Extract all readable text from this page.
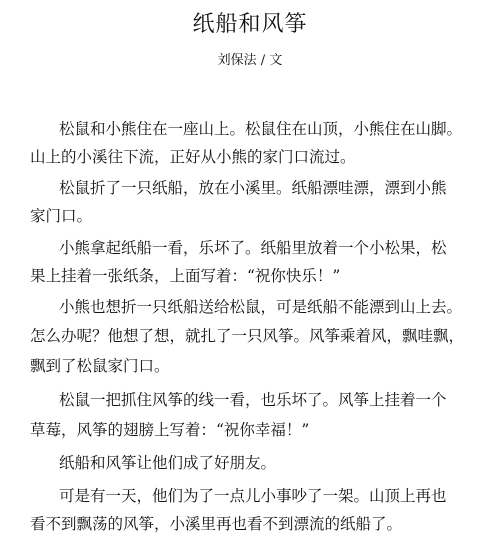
纸船和风筝
刘保法 / 文

松鼠和小熊住在一座山上。松鼠住在山顶，小熊住在山脚。

山上的小溪往下流，正好从小熊的家门口流过。

松鼠折了一只纸船，放在小溪里。纸船漂哇漂，漂到小熊

家门口。

小熊拿起纸船一看，乐坏了。纸船里放着一个小松果，松

果上挂着一张纸条，上面写着：“祝你快乐！”

小熊也想折一只纸船送给松鼠，可是纸船不能漂到山上去。

怎么办呢？他想了想，就扎了一只风筝。风筝乘着风，飘哇飘，

飘到了松鼠家门口。

松鼠一把抓住风筝的线一看，也乐坏了。风筝上挂着一个

草莓，风筝的翅膀上写着：“祝你幸福！”

纸船和风筝让他们成了好朋友。

可是有一天，他们为了一点儿小事吵了一架。山顶上再也

看不到飘荡的风筝，小溪里再也看不到漂流的纸船了。
